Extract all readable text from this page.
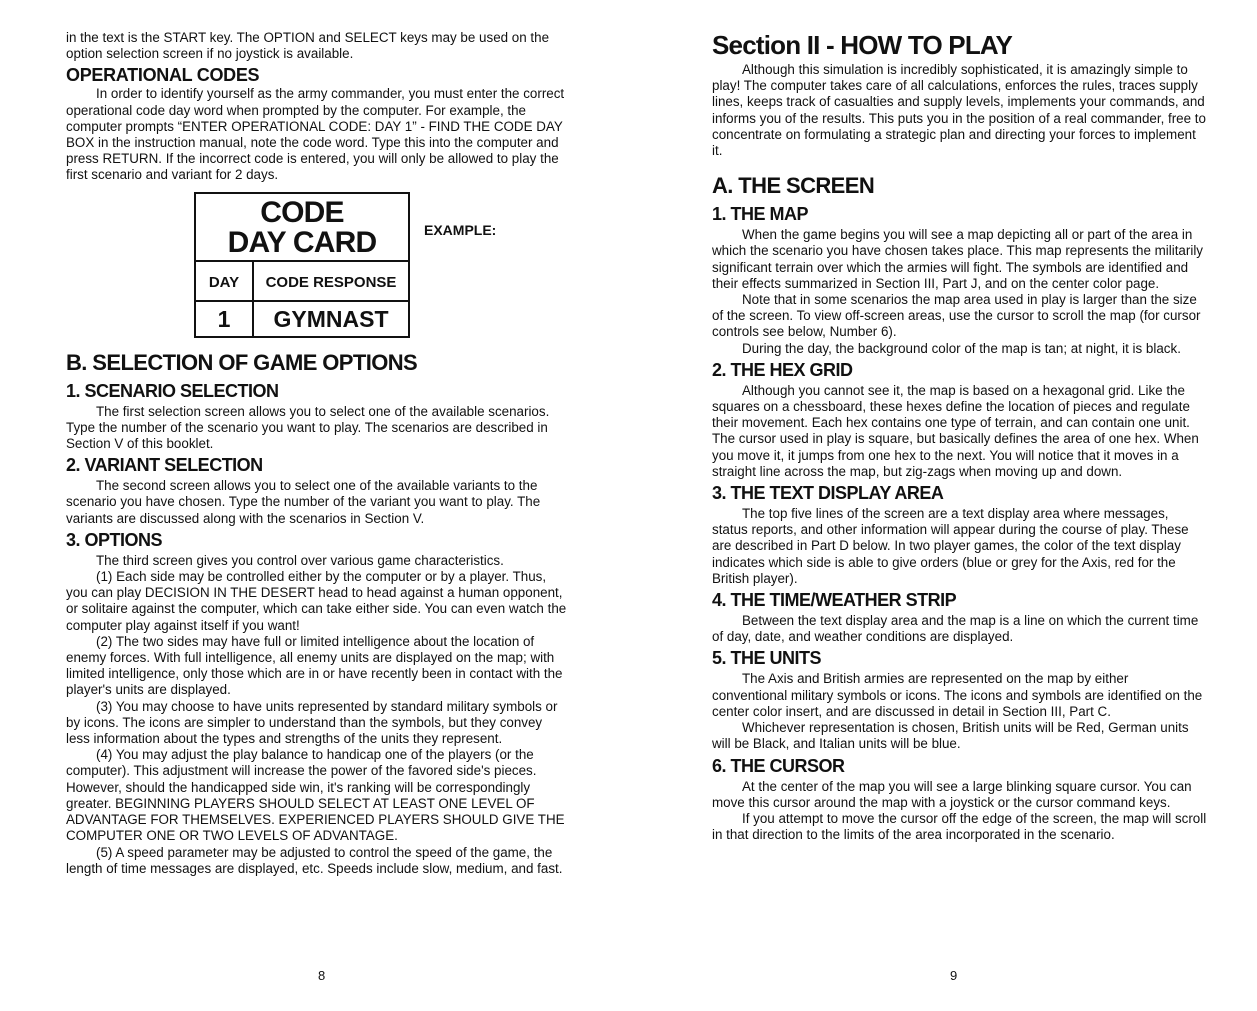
in the text is the START key. The OPTION and SELECT keys may be used on the option selection screen if no joystick is available.

OPERATIONAL CODES

In order to identify yourself as the army commander, you must enter the correct operational code day word when prompted by the computer. For example, the computer prompts “ENTER OPERATIONAL CODE: DAY 1” - FIND THE CODE DAY BOX in the instruction manual, note the code word. Type this into the computer and press RETURN. If the incorrect code is entered, you will only be allowed to play the first scenario and variant for 2 days.

CODE
DAY CARD
DAY	CODE RESPONSE
1	GYMNAST
EXAMPLE:
B. SELECTION OF GAME OPTIONS
1. SCENARIO SELECTION

The first selection screen allows you to select one of the available scenarios. Type the number of the scenario you want to play. The scenarios are described in Section V of this booklet.

2. VARIANT SELECTION

The second screen allows you to select one of the available variants to the scenario you have chosen. Type the number of the variant you want to play. The variants are discussed along with the scenarios in Section V.

3. OPTIONS

The third screen gives you control over various game characteristics.

(1) Each side may be controlled either by the computer or by a player. Thus, you can play DECISION IN THE DESERT head to head against a human opponent, or solitaire against the computer, which can take either side. You can even watch the computer play against itself if you want!

(2) The two sides may have full or limited intelligence about the location of enemy forces. With full intelligence, all enemy units are displayed on the map; with limited intelligence, only those which are in or have recently been in contact with the player's units are displayed.

(3) You may choose to have units represented by standard military symbols or by icons. The icons are simpler to understand than the symbols, but they convey less information about the types and strengths of the units they represent.

(4) You may adjust the play balance to handicap one of the players (or the computer). This adjustment will increase the power of the favored side's pieces. However, should the handicapped side win, it's ranking will be correspondingly greater. BEGINNING PLAYERS SHOULD SELECT AT LEAST ONE LEVEL OF ADVANTAGE FOR THEMSELVES. EXPERIENCED PLAYERS SHOULD GIVE THE COMPUTER ONE OR TWO LEVELS OF ADVANTAGE.

(5) A speed parameter may be adjusted to control the speed of the game, the length of time messages are displayed, etc. Speeds include slow, medium, and fast.

8
Section II - HOW TO PLAY

Although this simulation is incredibly sophisticated, it is amazingly simple to play! The computer takes care of all calculations, enforces the rules, traces supply lines, keeps track of casualties and supply levels, implements your commands, and informs you of the results. This puts you in the position of a real commander, free to concentrate on formulating a strategic plan and directing your forces to implement it.

A. THE SCREEN
1. THE MAP

When the game begins you will see a map depicting all or part of the area in which the scenario you have chosen takes place. This map represents the militarily significant terrain over which the armies will fight. The symbols are identified and their effects summarized in Section III, Part J, and on the center color page.

Note that in some scenarios the map area used in play is larger than the size of the screen. To view off-screen areas, use the cursor to scroll the map (for cursor controls see below, Number 6).

During the day, the background color of the map is tan; at night, it is black.

2. THE HEX GRID

Although you cannot see it, the map is based on a hexagonal grid. Like the squares on a chessboard, these hexes define the location of pieces and regulate their movement. Each hex contains one type of terrain, and can contain one unit. The cursor used in play is square, but basically defines the area of one hex. When you move it, it jumps from one hex to the next. You will notice that it moves in a straight line across the map, but zig-zags when moving up and down.

3. THE TEXT DISPLAY AREA

The top five lines of the screen are a text display area where messages, status reports, and other information will appear during the course of play. These are described in Part D below. In two player games, the color of the text display indicates which side is able to give orders (blue or grey for the Axis, red for the British player).

4. THE TIME/WEATHER STRIP

Between the text display area and the map is a line on which the current time of day, date, and weather conditions are displayed.

5. THE UNITS

The Axis and British armies are represented on the map by either conventional military symbols or icons. The icons and symbols are identified on the center color insert, and are discussed in detail in Section III, Part C.

Whichever representation is chosen, British units will be Red, German units will be Black, and Italian units will be blue.

6. THE CURSOR

At the center of the map you will see a large blinking square cursor. You can move this cursor around the map with a joystick or the cursor command keys.

If you attempt to move the cursor off the edge of the screen, the map will scroll in that direction to the limits of the area incorporated in the scenario.

9
